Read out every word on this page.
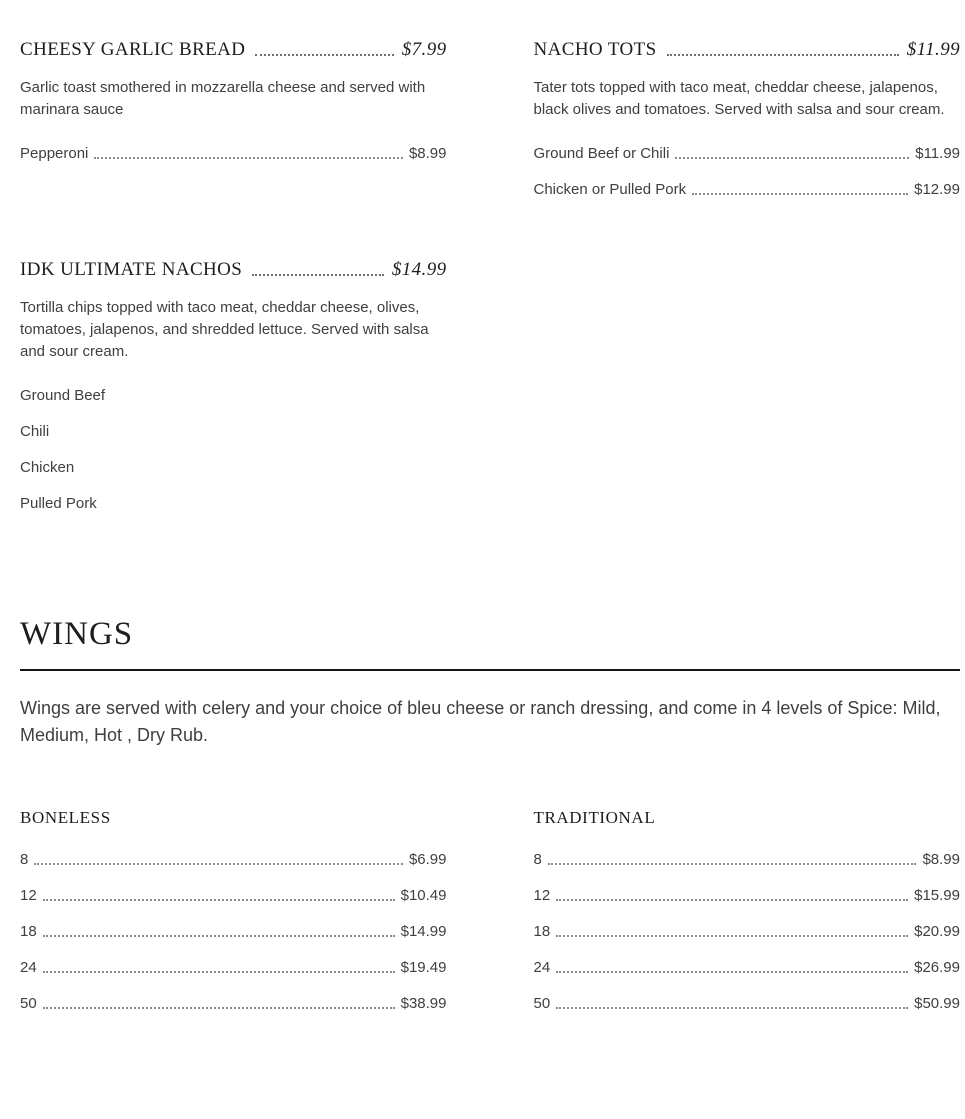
CHEESY GARLIC BREAD	$7.99

Garlic toast smothered in mozzarella cheese and served with marinara sauce

Pepperoni	$8.99
NACHO TOTS	$11.99

Tater tots topped with taco meat, cheddar cheese, jalapenos, black olives and tomatoes. Served with salsa and sour cream.

Ground Beef or Chili	$11.99
Chicken or Pulled Pork	$12.99
IDK ULTIMATE NACHOS	$14.99

Tortilla chips topped with taco meat, cheddar cheese, olives, tomatoes, jalapenos, and shredded lettuce. Served with salsa and sour cream.

Ground Beef
Chili
Chicken
Pulled Pork
WINGS

Wings are served with celery and your choice of bleu cheese or ranch dressing, and come in 4 levels of Spice: Mild, Medium, Hot , Dry Rub.

BONELESS
8	$6.99
12	$10.49
18	$14.99
24	$19.49
50	$38.99
TRADITIONAL
8	$8.99
12	$15.99
18	$20.99
24	$26.99
50	$50.99
